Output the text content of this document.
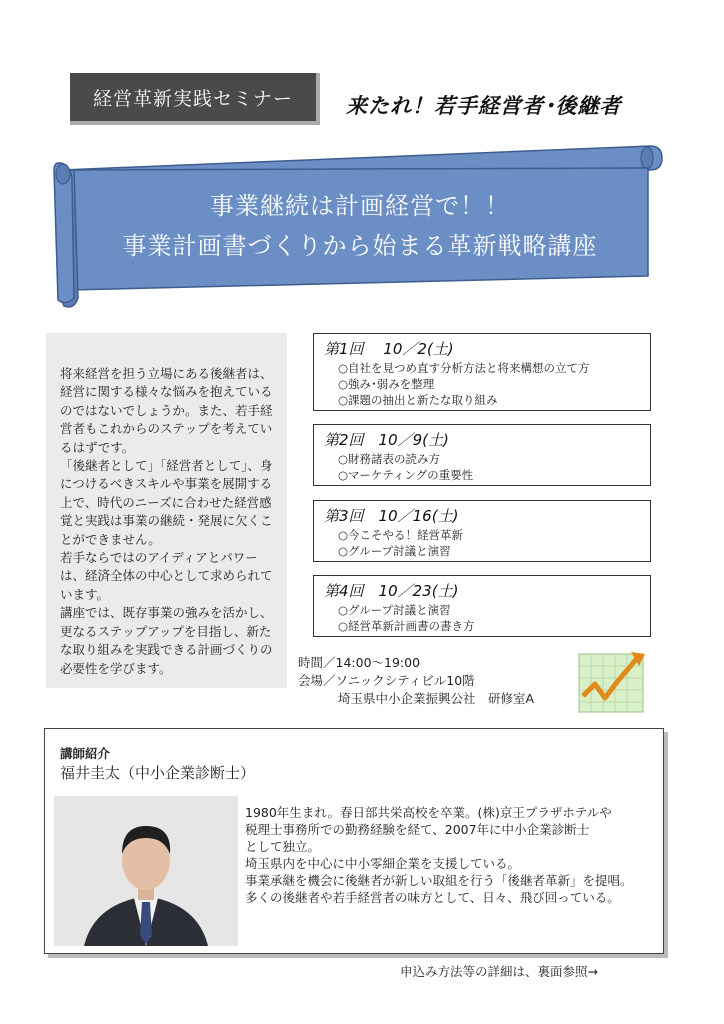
経営革新実践セミナー	来たれ！若手経営者･後継者
事業継続は計画経営で！！
事業計画書づくりから始まる革新戦略講座

将来経営を担う立場にある後継者は、経営に関する様々な悩みを抱えているのではないでしょうか。また、若手経営者もこれからのステップを考えているはずです。

「後継者として」「経営者として」、身につけるべきスキルや事業を展開する上で、時代のニーズに合わせた経営感覚と実践は事業の継続・発展に欠くことができません。

若手ならではのアイディアとパワーは、経済全体の中心として求められています。

講座では、既存事業の強みを活かし、更なるステップアップを目指し、新たな取り組みを実践できる計画づくりの必要性を学びます。

第1回　 10／2(土)
○自社を見つめ直す分析方法と将来構想の立て方
○強み･弱みを整理
○課題の抽出と新たな取り組み
第2回　10／9(土)
○財務諸表の読み方
○マーケティングの重要性
第3回　10／16(土)
○今こそやる！経営革新
○グループ討議と演習
第4回　10／23(土)
○グループ討議と演習
○経営革新計画書の書き方
時間／14:00～19:00
会場／ソニックシティビル10階
埼玉県中小企業振興公社　研修室A
講師紹介
福井圭太（中小企業診断士）

1980年生まれ。春日部共栄高校を卒業。(株)京王プラザホテルや

税理士事務所での勤務経験を経て、2007年に中小企業診断士

として独立。

埼玉県内を中心に中小零細企業を支援している。

事業承継を機会に後継者が新しい取組を行う「後継者革新」を提唱。

多くの後継者や若手経営者の味方として、日々、飛び回っている。

申込み方法等の詳細は、裏面参照→
